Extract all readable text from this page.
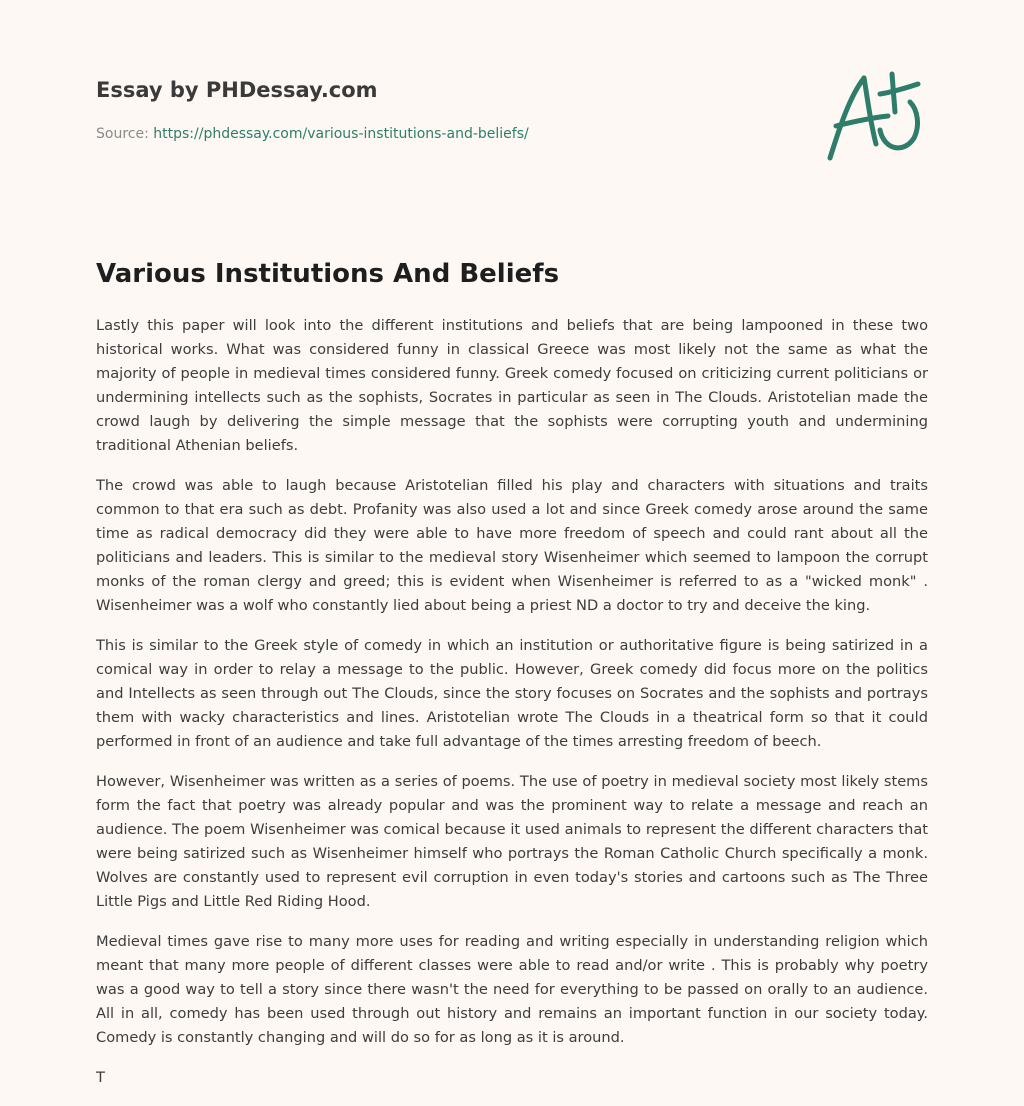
Essay by PHDessay.com
Source: https://phdessay.com/various-institutions-and-beliefs/
Various Institutions And Beliefs

Lastly this paper will look into the different institutions and beliefs that are being lampooned in these two historical works. What was considered funny in classical Greece was most likely not the same as what the majority of people in medieval times considered funny. Greek comedy focused on criticizing current politicians or undermining intellects such as the sophists, Socrates in particular as seen in The Clouds. Aristotelian made the crowd laugh by delivering the simple message that the sophists were corrupting youth and undermining traditional Athenian beliefs.

The crowd was able to laugh because Aristotelian filled his play and characters with situations and traits common to that era such as debt. Profanity was also used a lot and since Greek comedy arose around the same time as radical democracy did they were able to have more freedom of speech and could rant about all the politicians and leaders. This is similar to the medieval story Wisenheimer which seemed to lampoon the corrupt monks of the roman clergy and greed; this is evident when Wisenheimer is referred to as a "wicked monk" . Wisenheimer was a wolf who constantly lied about being a priest ND a doctor to try and deceive the king.

This is similar to the Greek style of comedy in which an institution or authoritative figure is being satirized in a comical way in order to relay a message to the public. However, Greek comedy did focus more on the politics and Intellects as seen through out The Clouds, since the story focuses on Socrates and the sophists and portrays them with wacky characteristics and lines. Aristotelian wrote The Clouds in a theatrical form so that it could performed in front of an audience and take full advantage of the times arresting freedom of beech.

However, Wisenheimer was written as a series of poems. The use of poetry in medieval society most likely stems form the fact that poetry was already popular and was the prominent way to relate a message and reach an audience. The poem Wisenheimer was comical because it used animals to represent the different characters that were being satirized such as Wisenheimer himself who portrays the Roman Catholic Church specifically a monk. Wolves are constantly used to represent evil corruption in even today's stories and cartoons such as The Three Little Pigs and Little Red Riding Hood.

Medieval times gave rise to many more uses for reading and writing especially in understanding religion which meant that many more people of different classes were able to read and/or write . This is probably why poetry was a good way to tell a story since there wasn't the need for everything to be passed on orally to an audience. All in all, comedy has been used through out history and remains an important function in our society today. Comedy is constantly changing and will do so for as long as it is around.

T
